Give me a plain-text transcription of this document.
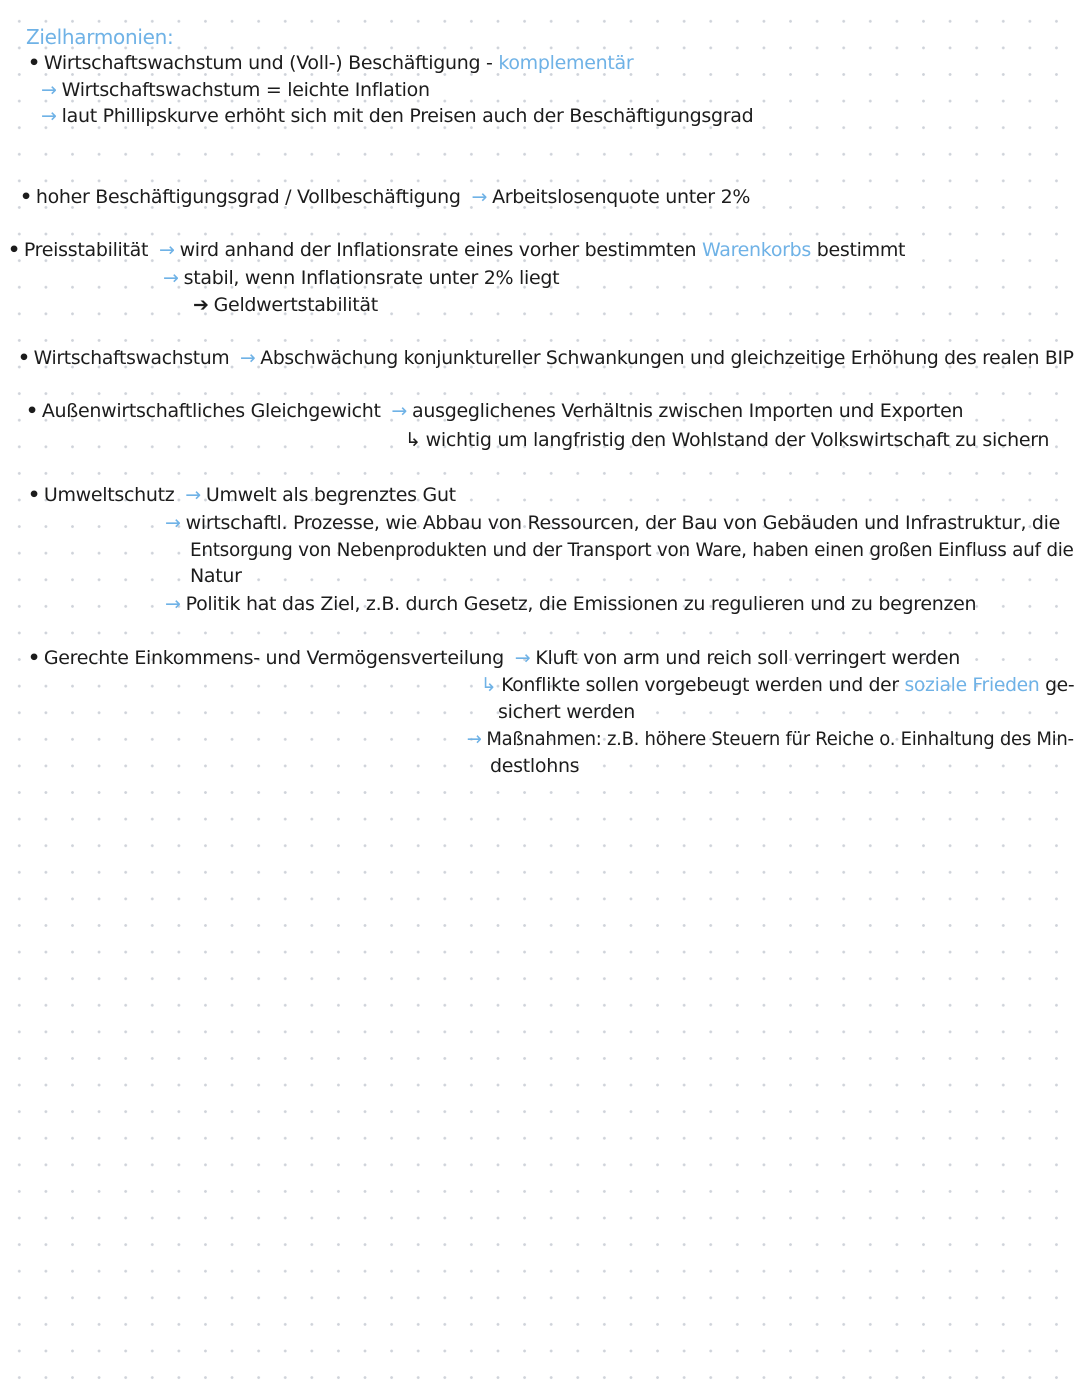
Zielharmonien:
• Wirtschaftswachstum und (Voll-) Beschäftigung - komplementär
→ Wirtschaftswachstum = leichte Inflation
→ laut Phillipskurve erhöht sich mit den Preisen auch der Beschäftigungsgrad
• hoher Beschäftigungsgrad / Vollbeschäftigung → Arbeitslosenquote unter 2%
• Preisstabilität → wird anhand der Inflationsrate eines vorher bestimmten Warenkorbs bestimmt
→ stabil, wenn Inflationsrate unter 2% liegt
➔ Geldwertstabilität
• Wirtschaftswachstum → Abschwächung konjunktureller Schwankungen und gleichzeitige Erhöhung des realen BIP
• Außenwirtschaftliches Gleichgewicht → ausgeglichenes Verhältnis zwischen Importen und Exporten
↳ wichtig um langfristig den Wohlstand der Volkswirtschaft zu sichern
• Umweltschutz → Umwelt als begrenztes Gut
→ wirtschaftl. Prozesse, wie Abbau von Ressourcen, der Bau von Gebäuden und Infrastruktur, die
Entsorgung von Nebenprodukten und der Transport von Ware, haben einen großen Einfluss auf die
Natur
→ Politik hat das Ziel, z.B. durch Gesetz, die Emissionen zu regulieren und zu begrenzen
• Gerechte Einkommens- und Vermögensverteilung → Kluft von arm und reich soll verringert werden
↳ Konflikte sollen vorgebeugt werden und der soziale Frieden ge-
sichert werden
→ Maßnahmen: z.B. höhere Steuern für Reiche o. Einhaltung des Min-
destlohns
